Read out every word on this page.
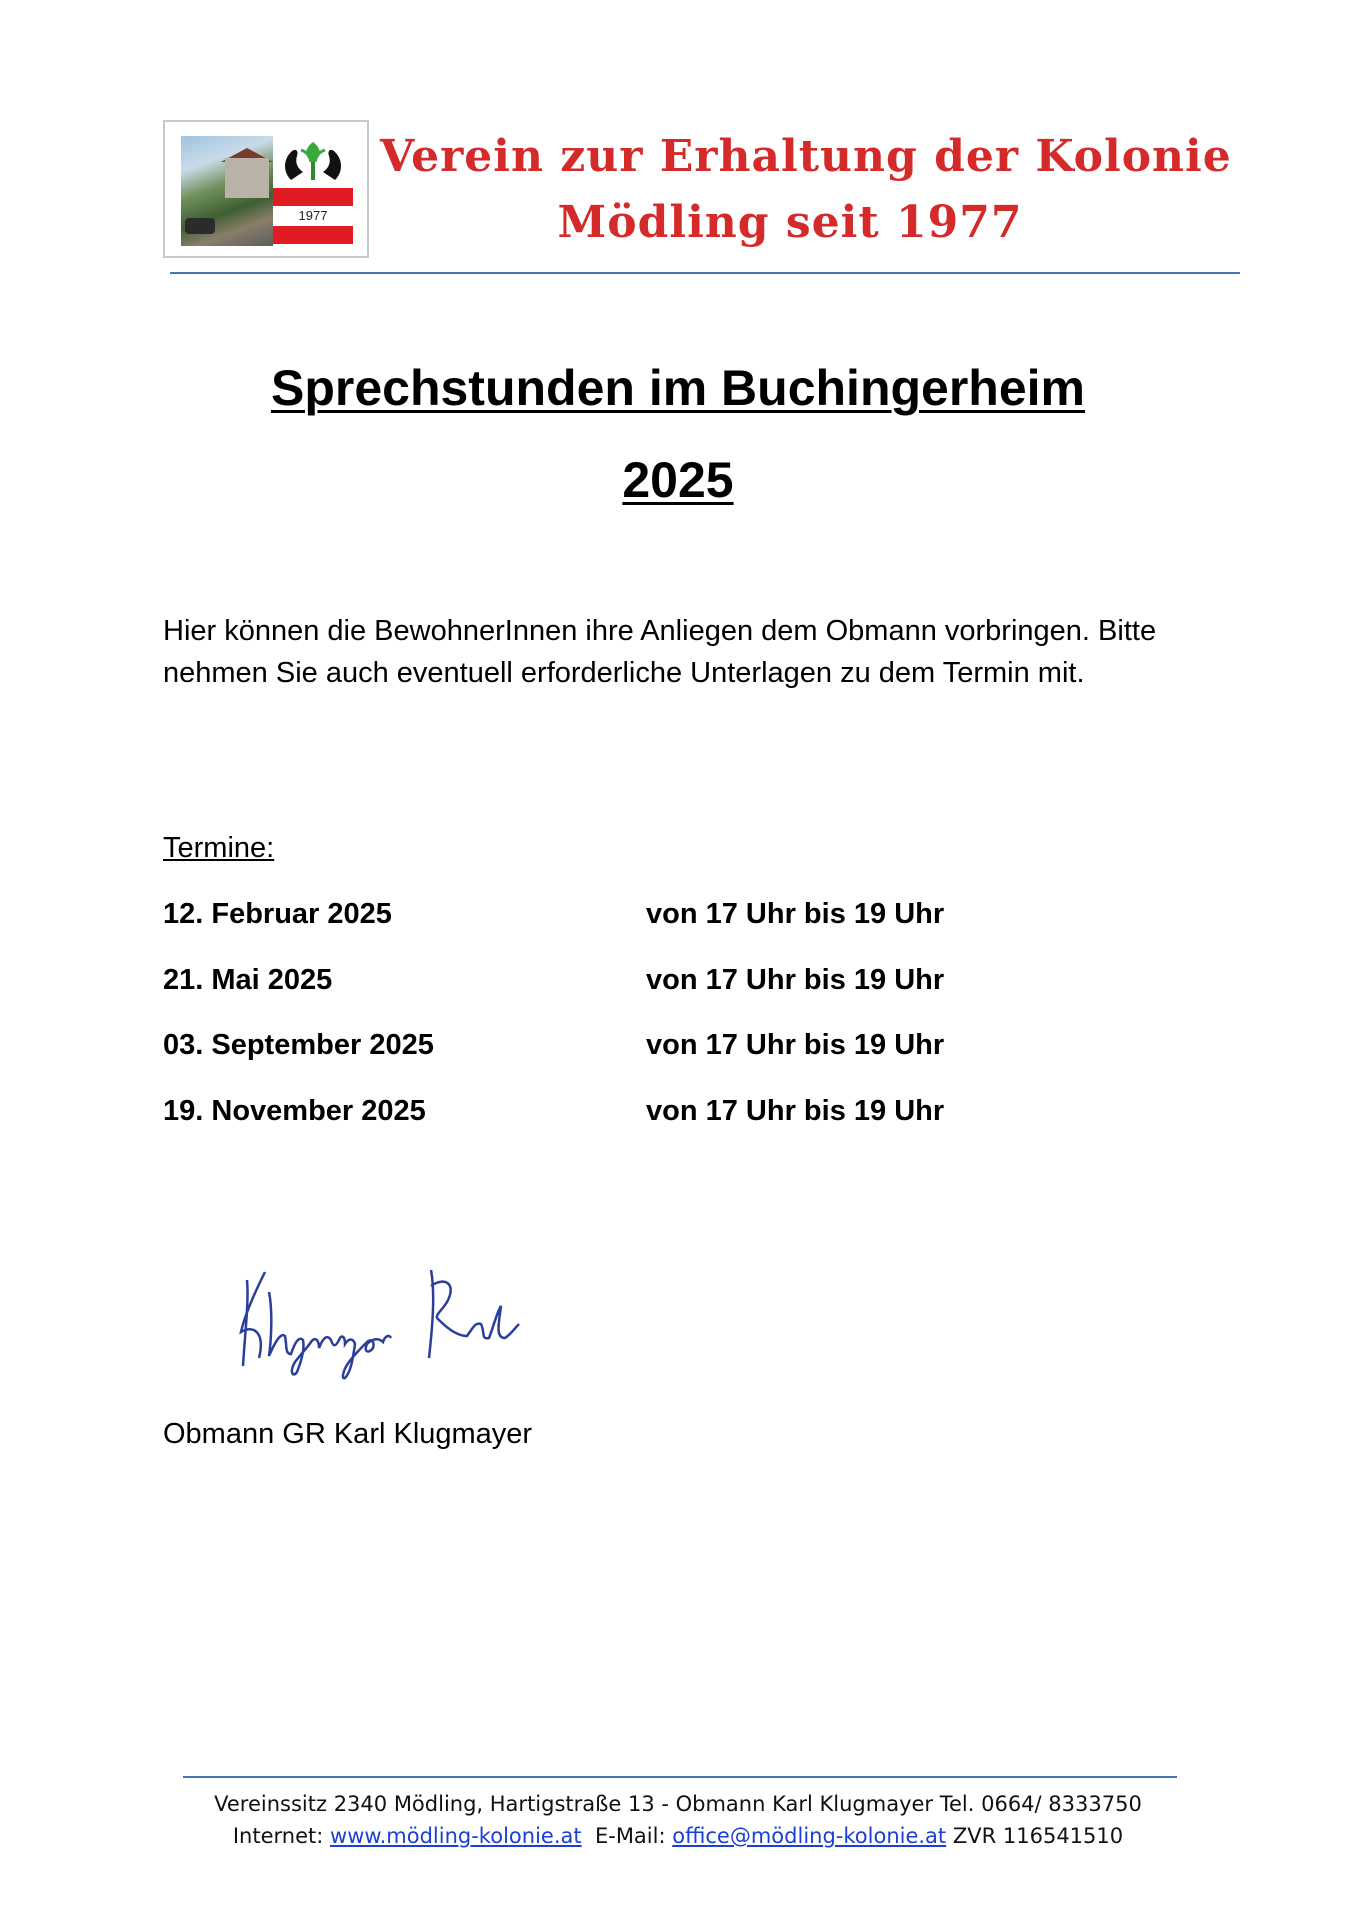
1977
Verein zur Erhaltung der Kolonie
Mödling seit 1977
Sprechstunden im Buchingerheim
2025
Hier können die BewohnerInnen ihre Anliegen dem Obmann vorbringen. Bitte nehmen Sie auch eventuell erforderliche Unterlagen zu dem Termin mit.
Termine:
12. Februar 2025	von 17 Uhr bis 19 Uhr
21. Mai 2025	von 17 Uhr bis 19 Uhr
03. September 2025	von 17 Uhr bis 19 Uhr
19. November 2025	von 17 Uhr bis 19 Uhr
Obmann GR Karl Klugmayer
Vereinssitz 2340 Mödling, Hartigstraße 13 - Obmann Karl Klugmayer Tel. 0664/ 8333750
Internet: www.mödling-kolonie.at E-Mail: office@mödling-kolonie.at ZVR 116541510
